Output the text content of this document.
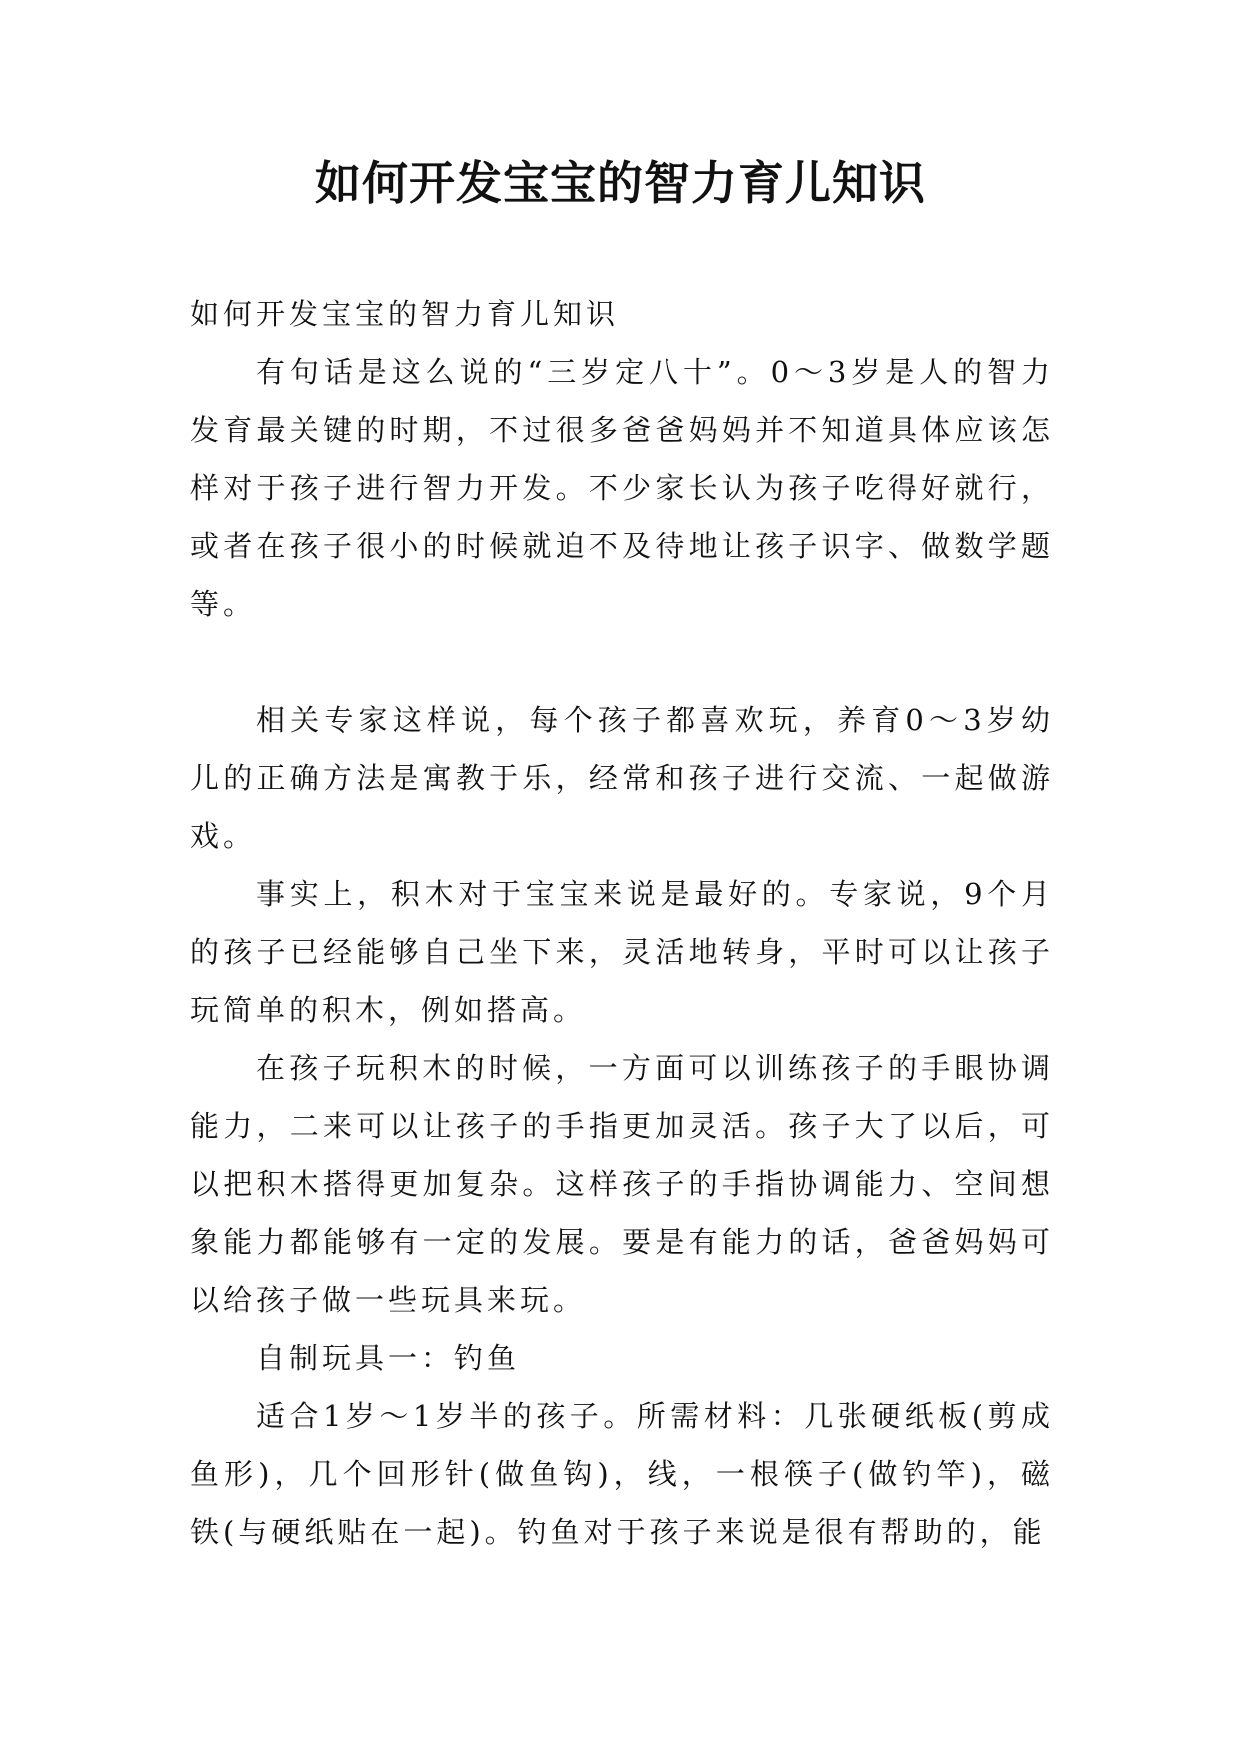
如何开发宝宝的智力育儿知识

如何开发宝宝的智力育儿知识

有句话是这么说的“三岁定八十”。0～3岁是人的智力发育最关键的时期，不过很多爸爸妈妈并不知道具体应该怎样对于孩子进行智力开发。不少家长认为孩子吃得好就行，或者在孩子很小的时候就迫不及待地让孩子识字、做数学题等。

相关专家这样说，每个孩子都喜欢玩，养育0～3岁幼儿的正确方法是寓教于乐，经常和孩子进行交流、一起做游戏。

事实上，积木对于宝宝来说是最好的。专家说，9个月的孩子已经能够自己坐下来，灵活地转身，平时可以让孩子玩简单的积木，例如搭高。

在孩子玩积木的时候，一方面可以训练孩子的手眼协调能力，二来可以让孩子的手指更加灵活。孩子大了以后，可以把积木搭得更加复杂。这样孩子的手指协调能力、空间想象能力都能够有一定的发展。要是有能力的话，爸爸妈妈可以给孩子做一些玩具来玩。

自制玩具一：钓鱼

适合1岁～1岁半的孩子。所需材料：几张硬纸板(剪成鱼形)，几个回形针(做鱼钩)，线，一根筷子(做钓竿)，磁铁(与硬纸贴在一起)。钓鱼对于孩子来说是很有帮助的，能
